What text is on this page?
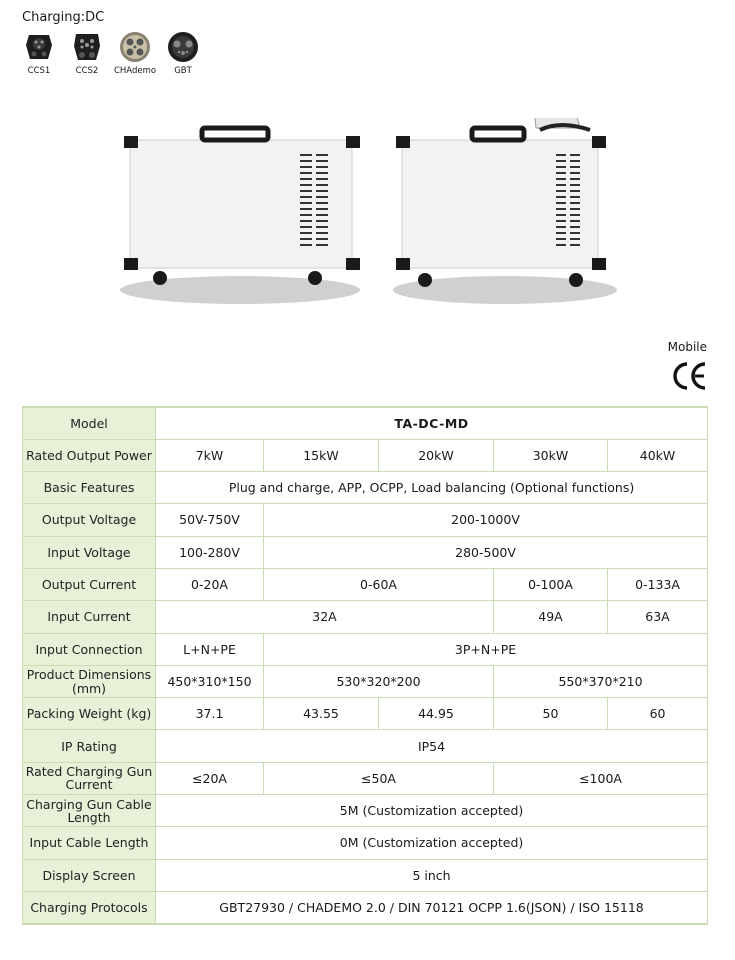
Charging:DC
CCS1	CCS2 CHAdemo GBT
Mobile
Model	TA-DC-MD				
Rated Output Power	7kW	15kW	20kW	30kW	40kW
Basic Features	Plug and charge, APP, OCPP, Load balancing (Optional functions)				
Output Voltage	50V-750V	200-1000V			
Input Voltage	100-280V	280-500V			
Output Current	0-20A	0-60A		0-100A	0-133A
Input Current	32A			49A	63A
Input Connection	L+N+PE	3P+N+PE			
Product Dimensions (mm)	450*310*150	530*320*200		550*370*210	
Packing Weight (kg)	37.1	43.55	44.95	50	60
IP Rating	IP54				
Rated Charging Gun Current	≤20A	≤50A		≤100A	
Charging Gun Cable Length	5M (Customization accepted)				
Input Cable Length	0M (Customization accepted)				
Display Screen	5 inch				
Charging Protocols	GBT27930 / CHADEMO 2.0 / DIN 70121 OCPP 1.6(JSON) / ISO 15118				
